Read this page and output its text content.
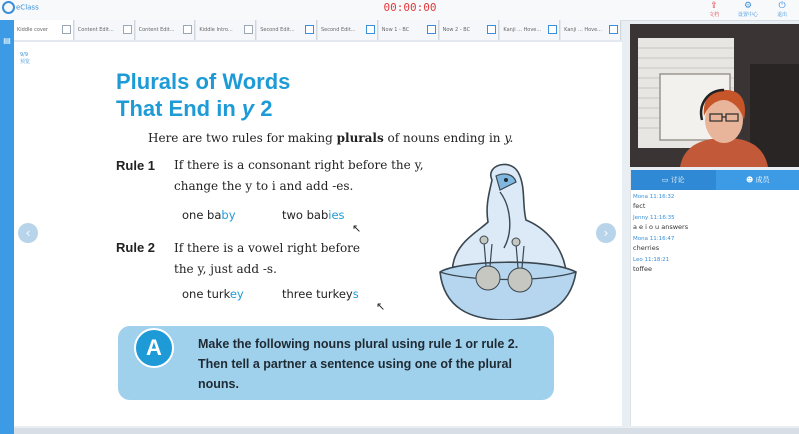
eClass	00:00:00	⇪
文档
⚙
设置中心
⏻
退出
▤
Kiddle cover	Content Edit...	Content Edit...	Kiddle Intro...	Second Edit...	Second Edit...	Now 1 - BC	Now 2 - BC	Kanji ... Hove...	Kanji ... Hove...
9/9
预览
‹	›
Plurals of Words
That End in y 2
Here are two rules for making plurals of nouns ending in y.
Rule 1 If there is a consonant right before the y,
change the y to i and add -es.
one baby	two babies
↖
Rule 2 If there is a vowel right before
the y, just add -s.
one turkey	three turkeys
↖
A	Make the following nouns plural using rule 1 or rule 2. Then tell a partner a sentence using one of the plural nouns.
▭ 讨论	☻ 成员
Mona 11:16:32
fect
Jenny 11:16:35
a e i o u answers
Mona 11:16:47
cherries
Leo 11:18:21
toffee
